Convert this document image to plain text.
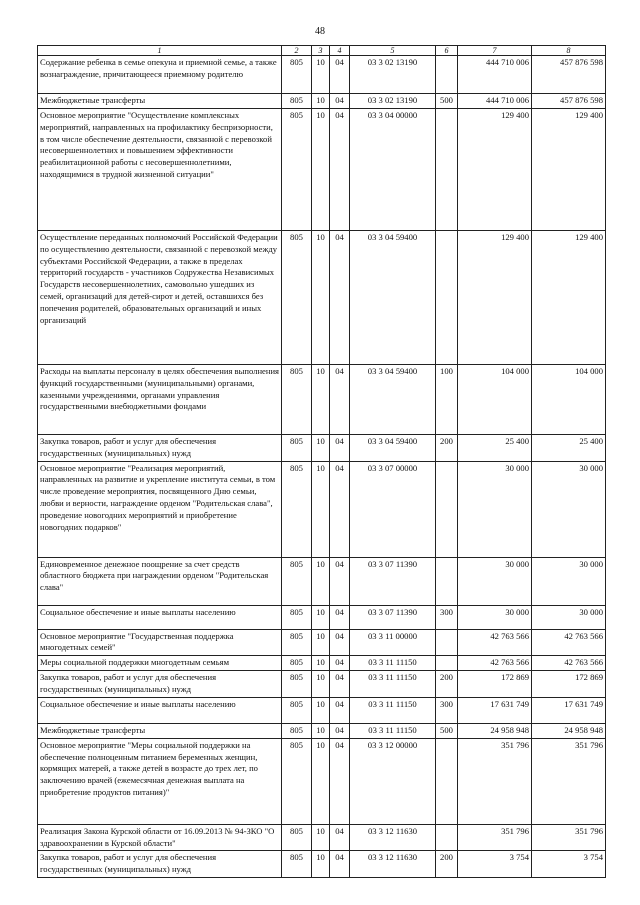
48
1	2	3	4	5	6	7	8
Содержание ребенка в семье опекуна и приемной семье, а также вознаграждение, причитающееся приемному родителю	805	10	04	03 3 02 13190		444 710 006	457 876 598
Межбюджетные трансферты	805	10	04	03 3 02 13190	500	444 710 006	457 876 598
Основное мероприятие "Осуществление комплексных мероприятий, направленных на профилактику беспризорности, в том числе обеспечение деятельности, связанной с перевозкой несовершеннолетних и повышением эффективности реабилитационной работы с несовершеннолетними, находящимися в трудной жизненной ситуации"	805	10	04	03 3 04 00000		129 400	129 400
Осуществление переданных полномочий Российской Федерации по осуществлению деятельности, связанной с перевозкой между субъектами Российской Федерации, а также в пределах территорий государств - участников Содружества Независимых Государств несовершеннолетних, самовольно ушедших из семей, организаций для детей-сирот и детей, оставшихся без попечения родителей, образовательных организаций и иных организаций	805	10	04	03 3 04 59400		129 400	129 400
Расходы на выплаты персоналу в целях обеспечения выполнения функций государственными (муниципальными) органами, казенными учреждениями, органами управления государственными внебюджетными фондами	805	10	04	03 3 04 59400	100	104 000	104 000
Закупка товаров, работ и услуг для обеспечения государственных (муниципальных) нужд	805	10	04	03 3 04 59400	200	25 400	25 400
Основное мероприятие "Реализация мероприятий, направленных на развитие и укрепление института семьи, в том числе проведение мероприятия, посвященного Дню семьи, любви и верности, награждение орденом "Родительская слава", проведение новогодних мероприятий и приобретение новогодних подарков"	805	10	04	03 3 07 00000		30 000	30 000
Единовременное денежное поощрение за счет средств областного бюджета при награждении орденом "Родительская слава"	805	10	04	03 3 07 11390		30 000	30 000
Социальное обеспечение и иные выплаты населению	805	10	04	03 3 07 11390	300	30 000	30 000
Основное мероприятие "Государственная поддержка многодетных семей"	805	10	04	03 3 11 00000		42 763 566	42 763 566
Меры социальной поддержки многодетным семьям	805	10	04	03 3 11 11150		42 763 566	42 763 566
Закупка товаров, работ и услуг для обеспечения государственных (муниципальных) нужд	805	10	04	03 3 11 11150	200	172 869	172 869
Социальное обеспечение и иные выплаты населению	805	10	04	03 3 11 11150	300	17 631 749	17 631 749
Межбюджетные трансферты	805	10	04	03 3 11 11150	500	24 958 948	24 958 948
Основное мероприятие "Меры социальной поддержки на обеспечение полноценным питанием беременных женщин, кормящих матерей, а также детей в возрасте до трех лет, по заключению врачей (ежемесячная денежная выплата на приобретение продуктов питания)"	805	10	04	03 3 12 00000		351 796	351 796
Реализация Закона Курской области от 16.09.2013 № 94-ЗКО "О здравоохранении в Курской области"	805	10	04	03 3 12 11630		351 796	351 796
Закупка товаров, работ и услуг для обеспечения государственных (муниципальных) нужд	805	10	04	03 3 12 11630	200	3 754	3 754
